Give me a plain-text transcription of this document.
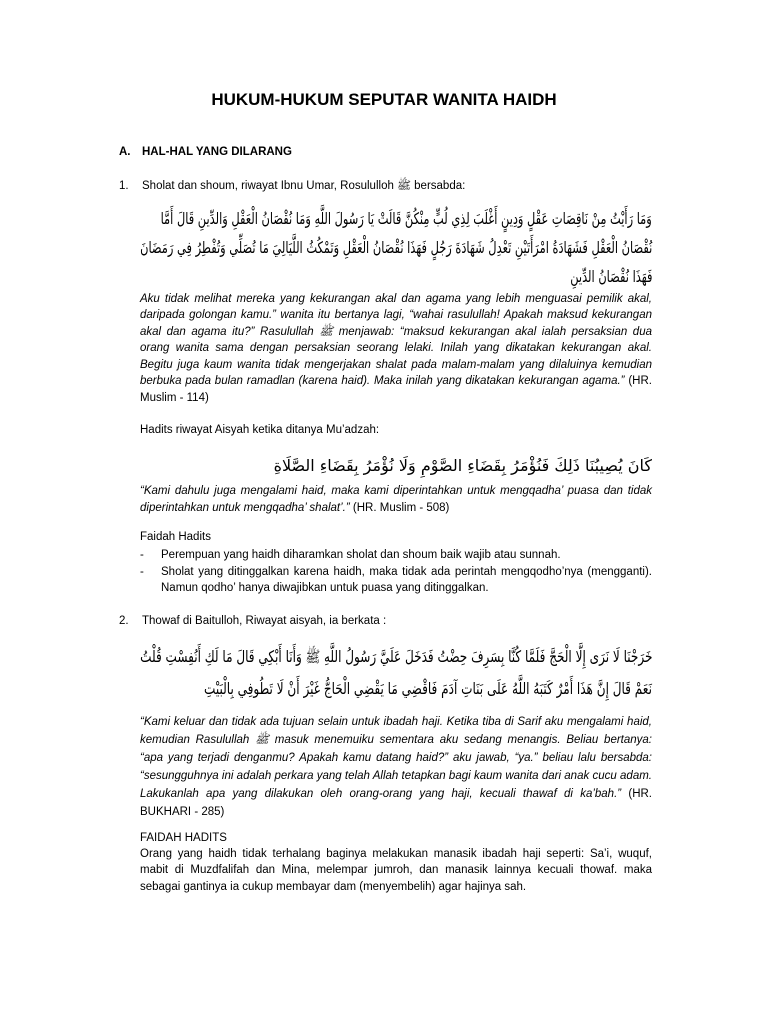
HUKUM-HUKUM SEPUTAR WANITA HAIDH
A.	HAL-HAL YANG DILARANG
1.	Sholat dan shoum, riwayat Ibnu Umar, Rosululloh ﷺ bersabda:
وَمَا رَأَيْتُ مِنْ نَاقِصَاتِ عَقْلٍ وَدِينٍ أَغْلَبَ لِذِي لُبٍّ مِنْكُنَّ قَالَتْ يَا رَسُولَ اللَّهِ وَمَا نُقْصَانُ الْعَقْلِ وَالدِّينِ قَالَ أَمَّا
نُقْصَانُ الْعَقْلِ فَشَهَادَةُ امْرَأَتَيْنِ تَعْدِلُ شَهَادَةَ رَجُلٍ فَهَذَا نُقْصَانُ الْعَقْلِ وَتَمْكُثُ اللَّيَالِيَ مَا تُصَلِّي وَتُفْطِرُ فِي رَمَضَانَ
فَهَذَا نُقْصَانُ الدِّينِ
Aku tidak melihat mereka yang kekurangan akal dan agama yang lebih menguasai pemilik akal, daripada golongan kamu.” wanita itu bertanya lagi, “wahai rasulullah! Apakah maksud kekurangan akal dan agama itu?” Rasulullah ﷺ menjawab: “maksud kekurangan akal ialah persaksian dua orang wanita sama dengan persaksian seorang lelaki. Inilah yang dikatakan kekurangan akal. Begitu juga kaum wanita tidak mengerjakan shalat pada malam-malam yang dilaluinya kemudian berbuka pada bulan ramadlan (karena haid). Maka inilah yang dikatakan kekurangan agama.” (HR. Muslim - 114)
Hadits riwayat Aisyah ketika ditanya Mu’adzah:
كَانَ يُصِيبُنَا ذَلِكَ فَنُؤْمَرُ بِقَضَاءِ الصَّوْمِ وَلَا نُؤْمَرُ بِقَضَاءِ الصَّلَاةِ
“Kami dahulu juga mengalami haid, maka kami diperintahkan untuk mengqadha’ puasa dan tidak diperintahkan untuk mengqadha’ shalat’.” (HR. Muslim - 508)
Faidah Hadits
-	Perempuan yang haidh diharamkan sholat dan shoum baik wajib atau sunnah.
-	Sholat yang ditinggalkan karena haidh, maka tidak ada perintah mengqodho’nya (mengganti). Namun qodho’ hanya diwajibkan untuk puasa yang ditinggalkan.
2.	Thowaf di Baitulloh, Riwayat aisyah, ia berkata :
خَرَجْنَا لَا نَرَى إِلَّا الْحَجَّ فَلَمَّا كُنَّا بِسَرِفَ حِضْتُ فَدَخَلَ عَلَيَّ رَسُولُ اللَّهِ ﷺ وَأَنَا أَبْكِي قَالَ مَا لَكِ أَنُفِسْتِ قُلْتُ
نَعَمْ قَالَ إِنَّ هَذَا أَمْرٌ كَتَبَهُ اللَّهُ عَلَى بَنَاتِ آدَمَ فَاقْضِي مَا يَقْضِي الْحَاجُّ غَيْرَ أَنْ لَا تَطُوفِي بِالْبَيْتِ
“Kami keluar dan tidak ada tujuan selain untuk ibadah haji. Ketika tiba di Sarif aku mengalami haid, kemudian Rasulullah ﷺ masuk menemuiku sementara aku sedang menangis. Beliau bertanya: “apa yang terjadi denganmu? Apakah kamu datang haid?” aku jawab, “ya.” beliau lalu bersabda: “sesungguhnya ini adalah perkara yang telah Allah tetapkan bagi kaum wanita dari anak cucu adam. Lakukanlah apa yang dilakukan oleh orang-orang yang haji, kecuali thawaf di ka’bah.” (HR. BUKHARI - 285)
FAIDAH HADITS
Orang yang haidh tidak terhalang baginya melakukan manasik ibadah haji seperti: Sa’i, wuquf, mabit di Muzdfalifah dan Mina, melempar jumroh, dan manasik lainnya kecuali thowaf. maka sebagai gantinya ia cukup membayar dam (menyembelih) agar hajinya sah.
